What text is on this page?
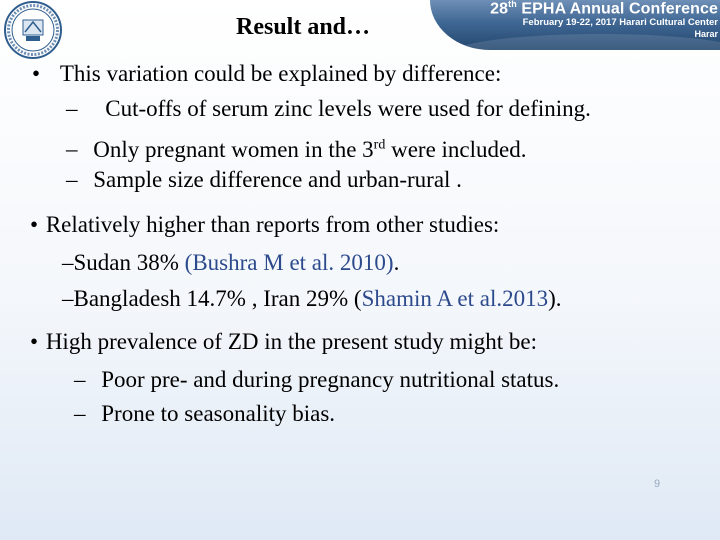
28th EPHA Annual Conference
February 19-22, 2017 Harari Cultural Center
Harar
Result and…
• This variation could be explained by difference:
– Cut-offs of serum zinc levels were used for defining.
– Only pregnant women in the 3rd were included.
– Sample size difference and urban-rural .
• Relatively higher than reports from other studies:
–Sudan 38% (Bushra M et al. 2010).
–Bangladesh 14.7% , Iran 29% (Shamin A et al.2013).
• High prevalence of ZD in the present study might be:
– Poor pre- and during pregnancy nutritional status.
– Prone to seasonality bias.
9
